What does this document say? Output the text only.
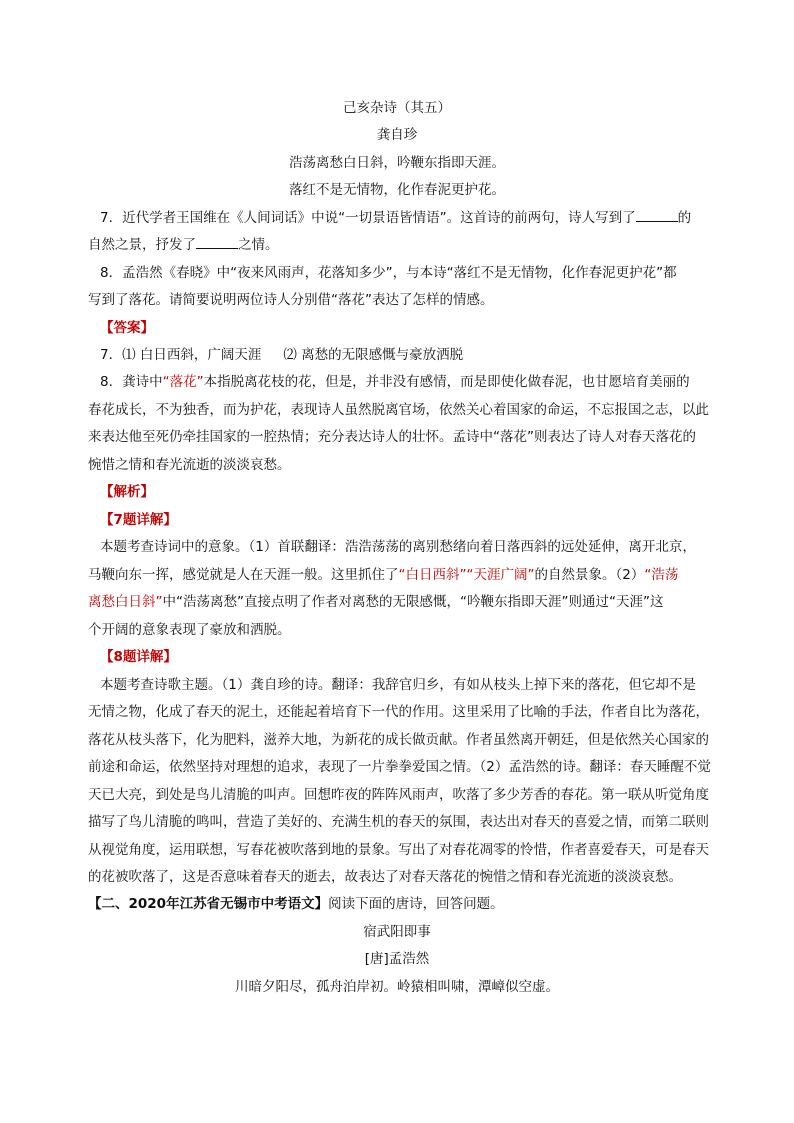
己亥杂诗（其五）
龚自珍
浩荡离愁白日斜，吟鞭东指即天涯。
落红不是无情物，化作春泥更护花。
7．近代学者王国维在《人间词话》中说“一切景语皆情语”。这首诗的前两句，诗人写到了	的
自然之景，抒发了	之情。
8．孟浩然《春晓》中“夜来风雨声，花落知多少”，与本诗“落红不是无情物，化作春泥更护花”都
写到了落花。请简要说明两位诗人分别借“落花”表达了怎样的情感。
【答案】
7．⑴ 白日西斜，广阔天涯 ⑵ 离愁的无限感慨与豪放洒脱
8．龚诗中“落花”本指脱离花枝的花，但是，并非没有感情，而是即使化做春泥，也甘愿培育美丽的
春花成长，不为独香，而为护花，表现诗人虽然脱离官场，依然关心着国家的命运，不忘报国之志，以此
来表达他至死仍牵挂国家的一腔热情；充分表达诗人的壮怀。孟诗中“落花”则表达了诗人对春天落花的
惋惜之情和春光流逝的淡淡哀愁。
【解析】
【7题详解】
本题考查诗词中的意象。（1）首联翻译：浩浩荡荡的离别愁绪向着日落西斜的远处延伸，离开北京，
马鞭向东一挥，感觉就是人在天涯一般。这里抓住了“白日西斜”“天涯广阔”的自然景象。（2）“浩荡
离愁白日斜”中“浩荡离愁”直接点明了作者对离愁的无限感慨，“吟鞭东指即天涯”则通过“天涯”这
个开阔的意象表现了豪放和洒脱。
【8题详解】
本题考查诗歌主题。（1）龚自珍的诗。翻译：我辞官归乡，有如从枝头上掉下来的落花，但它却不是
无情之物，化成了春天的泥土，还能起着培育下一代的作用。这里采用了比喻的手法，作者自比为落花，
落花从枝头落下，化为肥料，滋养大地，为新花的成长做贡献。作者虽然离开朝廷，但是依然关心国家的
前途和命运，依然坚持对理想的追求，表现了一片拳拳爱国之情。（2）孟浩然的诗。翻译：春天睡醒不觉
天已大亮，到处是鸟儿清脆的叫声。回想昨夜的阵阵风雨声，吹落了多少芳香的春花。第一联从听觉角度
描写了鸟儿清脆的鸣叫，营造了美好的、充满生机的春天的氛围，表达出对春天的喜爱之情，而第二联则
从视觉角度，运用联想，写春花被吹落到地的景象。写出了对春花凋零的怜惜，作者喜爱春天，可是春天
的花被吹落了，这是否意味着春天的逝去，故表达了对春天落花的惋惜之情和春光流逝的淡淡哀愁。
【二、2020年江苏省无锡市中考语文】阅读下面的唐诗，回答问题。
宿武阳即事
[唐]孟浩然
川暗夕阳尽，孤舟泊岸初。岭猿相叫啸，潭嶂似空虚。
